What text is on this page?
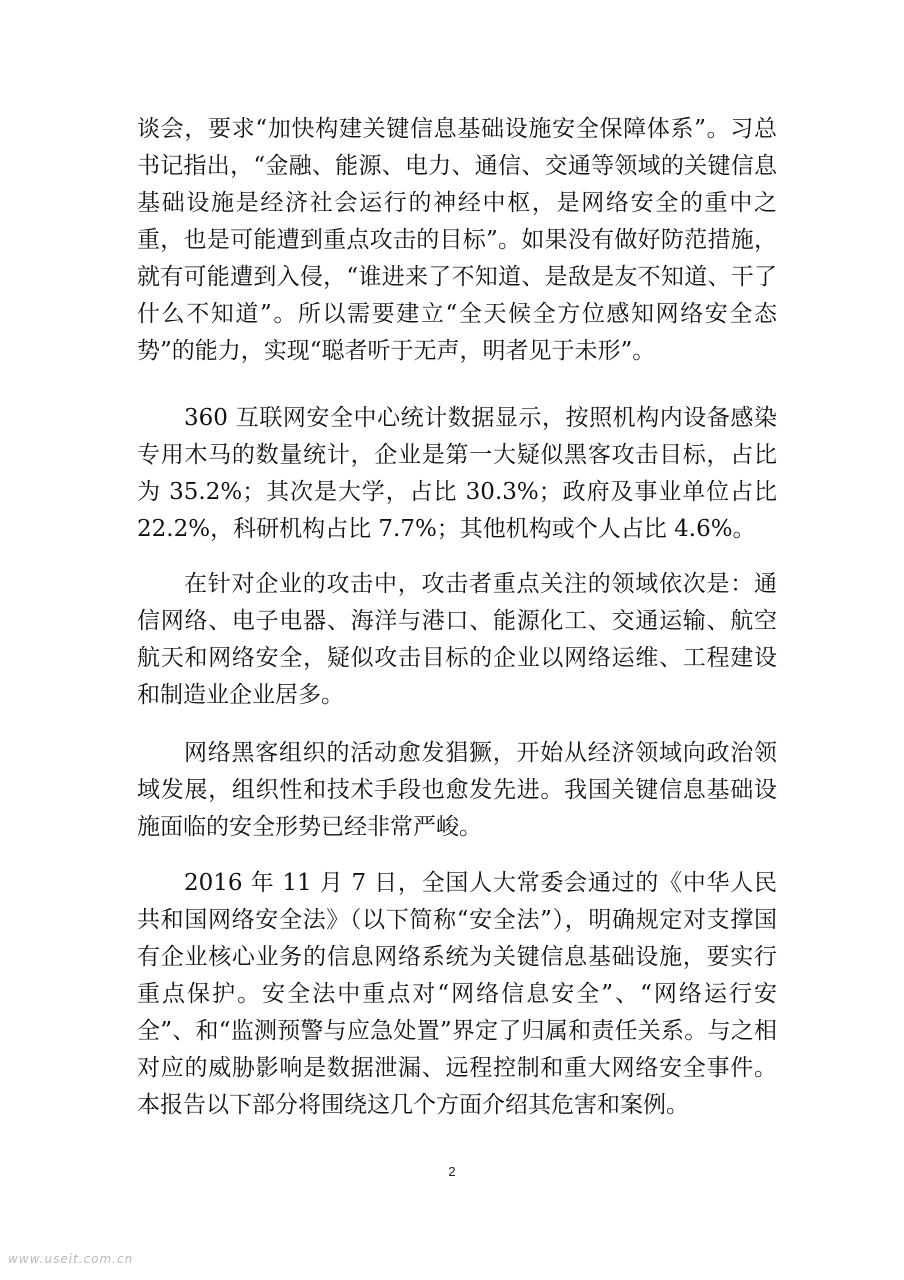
谈会，要求“加快构建关键信息基础设施安全保障体系”。习总书记指出，“金融、能源、电力、通信、交通等领域的关键信息基础设施是经济社会运行的神经中枢，是网络安全的重中之重，也是可能遭到重点攻击的目标”。如果没有做好防范措施，就有可能遭到入侵，“谁进来了不知道、是敌是友不知道、干了什么不知道”。所以需要建立“全天候全方位感知网络安全态势”的能力，实现“聪者听于无声，明者见于未形”。

360 互联网安全中心统计数据显示，按照机构内设备感染专用木马的数量统计，企业是第一大疑似黑客攻击目标，占比为 35.2%；其次是大学，占比 30.3%；政府及事业单位占比 22.2%，科研机构占比 7.7%；其他机构或个人占比 4.6%。

在针对企业的攻击中，攻击者重点关注的领域依次是：通信网络、电子电器、海洋与港口、能源化工、交通运输、航空航天和网络安全，疑似攻击目标的企业以网络运维、工程建设和制造业企业居多。

网络黑客组织的活动愈发猖獗，开始从经济领域向政治领域发展，组织性和技术手段也愈发先进。我国关键信息基础设施面临的安全形势已经非常严峻。

2016 年 11 月 7 日，全国人大常委会通过的《中华人民共和国网络安全法》（以下简称“安全法”），明确规定对支撑国有企业核心业务的信息网络系统为关键信息基础设施，要实行重点保护。安全法中重点对“网络信息安全”、“网络运行安全”、和“监测预警与应急处置”界定了归属和责任关系。与之相对应的威胁影响是数据泄漏、远程控制和重大网络安全事件。本报告以下部分将围绕这几个方面介绍其危害和案例。

2
www.useit.com.cn
